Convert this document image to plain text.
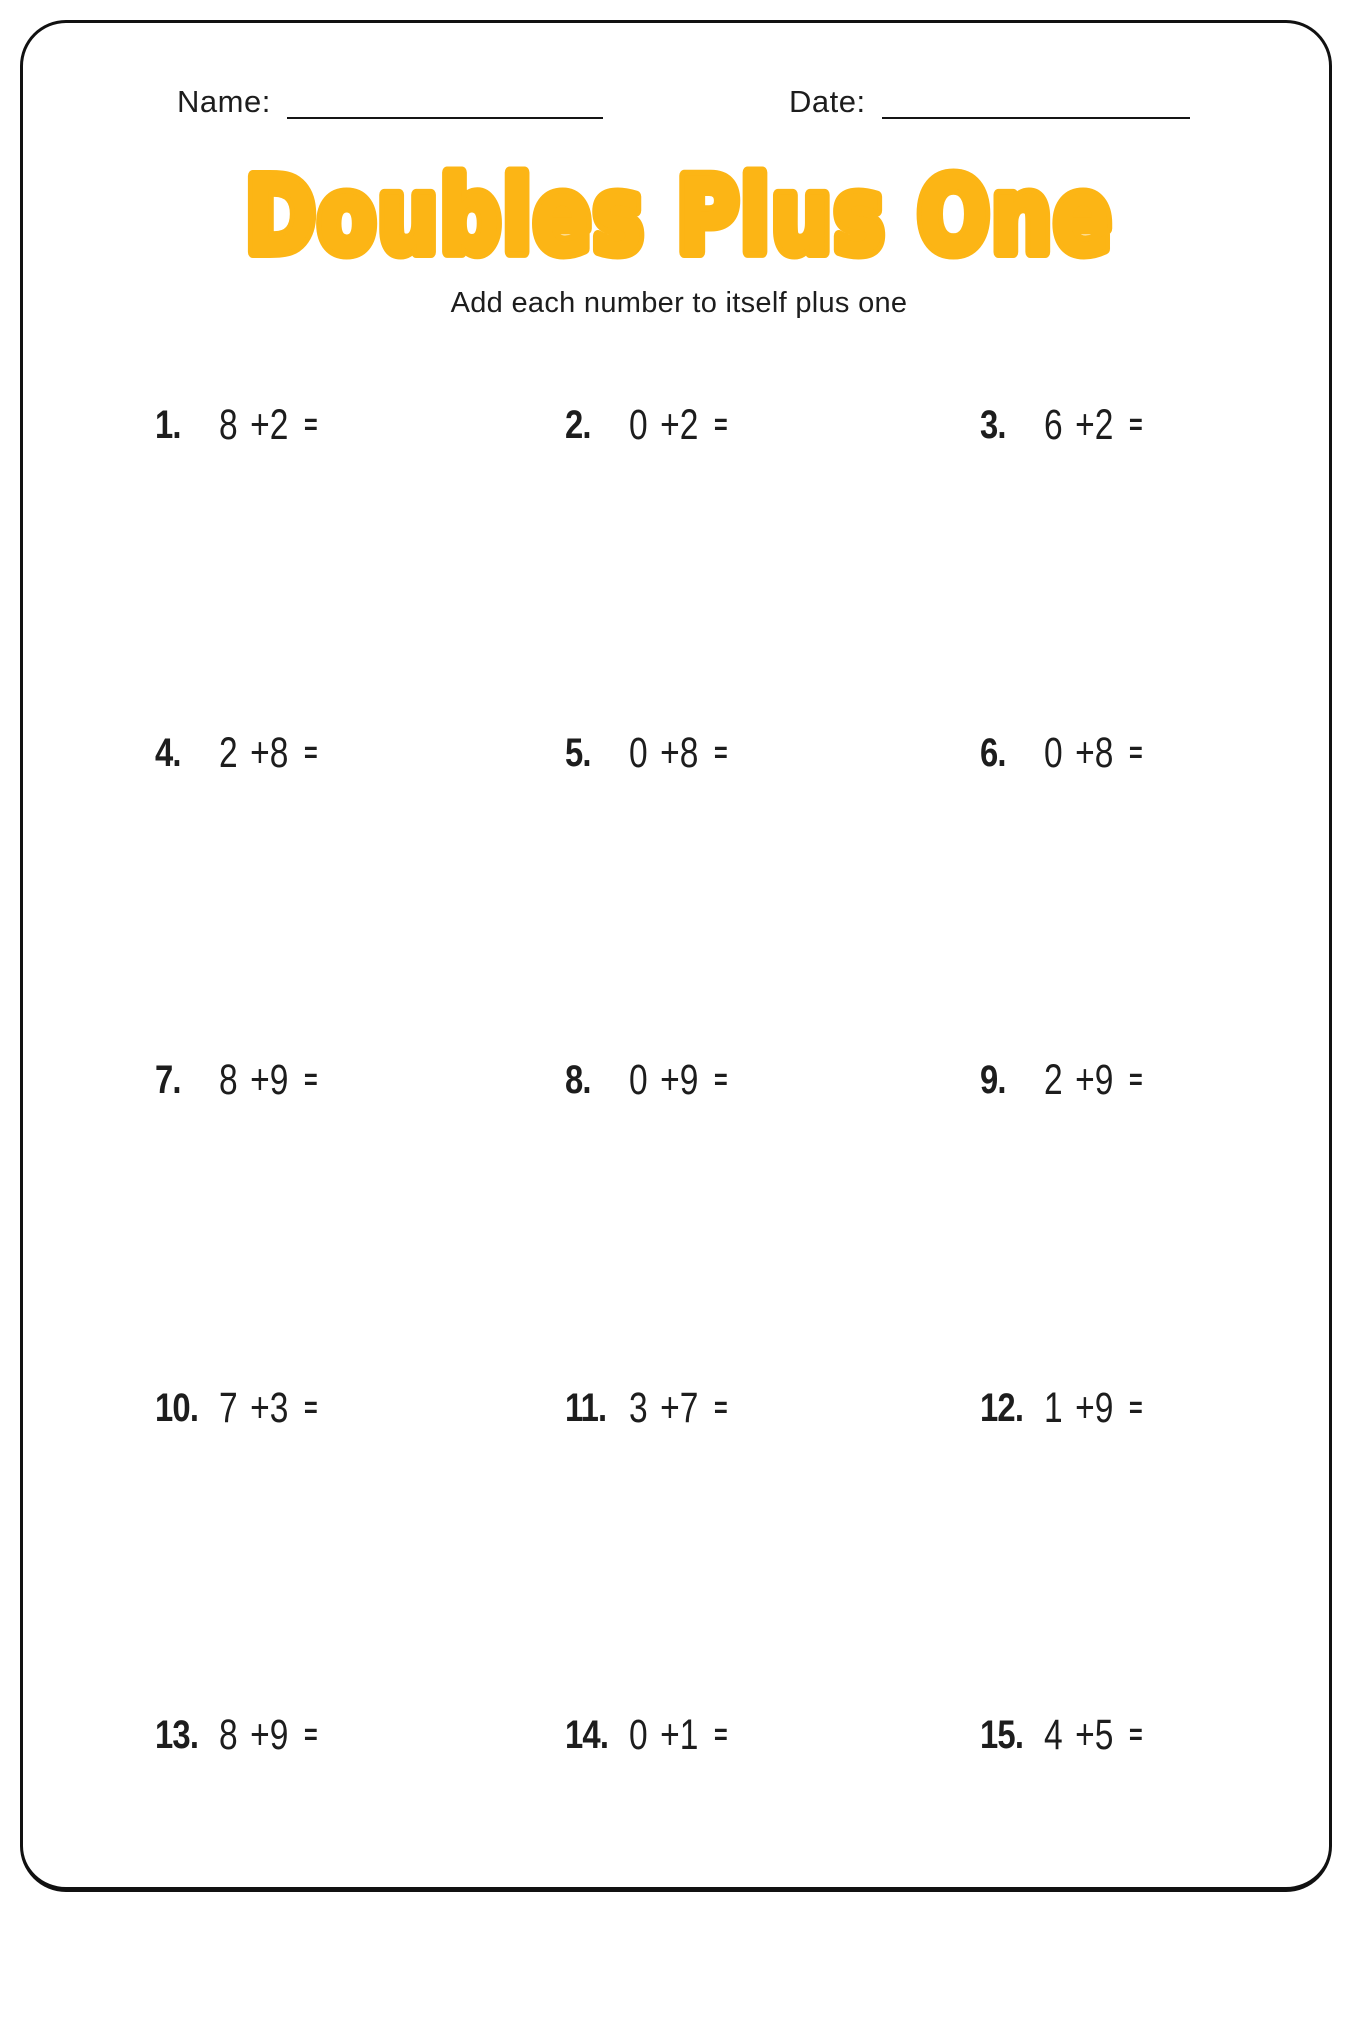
Name:	Date:
Doubles Plus One
Add each number to itself plus one
1. 8 +2 =	2. 0 +2 =	3. 6 +2 =
4. 2 +8 =	5. 0 +8 =	6. 0 +8 =
7. 8 +9 =	8. 0 +9 =	9. 2 +9 =
10. 7 +3 =	11. 3 +7 =	12. 1 +9 =
13. 8 +9 =	14. 0 +1 =	15. 4 +5 =
